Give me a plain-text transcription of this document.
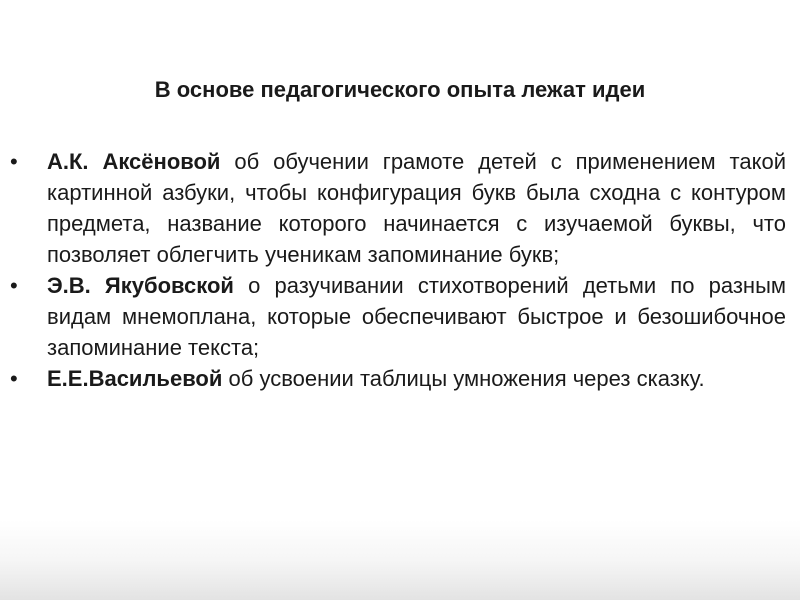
В основе педагогического опыта лежат идеи
• А.К. Аксёновой об обучении грамоте детей с применением такой картинной азбуки, чтобы конфигурация букв была сходна с контуром предмета, название которого начинается с изучаемой буквы, что позволяет облегчить ученикам запоминание букв;
• Э.В. Якубовской о разучивании стихотворений детьми по разным видам мнемоплана, которые обеспечивают быстрое и безошибочное запоминание текста;
• Е.Е.Васильевой об усвоении таблицы умножения через сказку.
